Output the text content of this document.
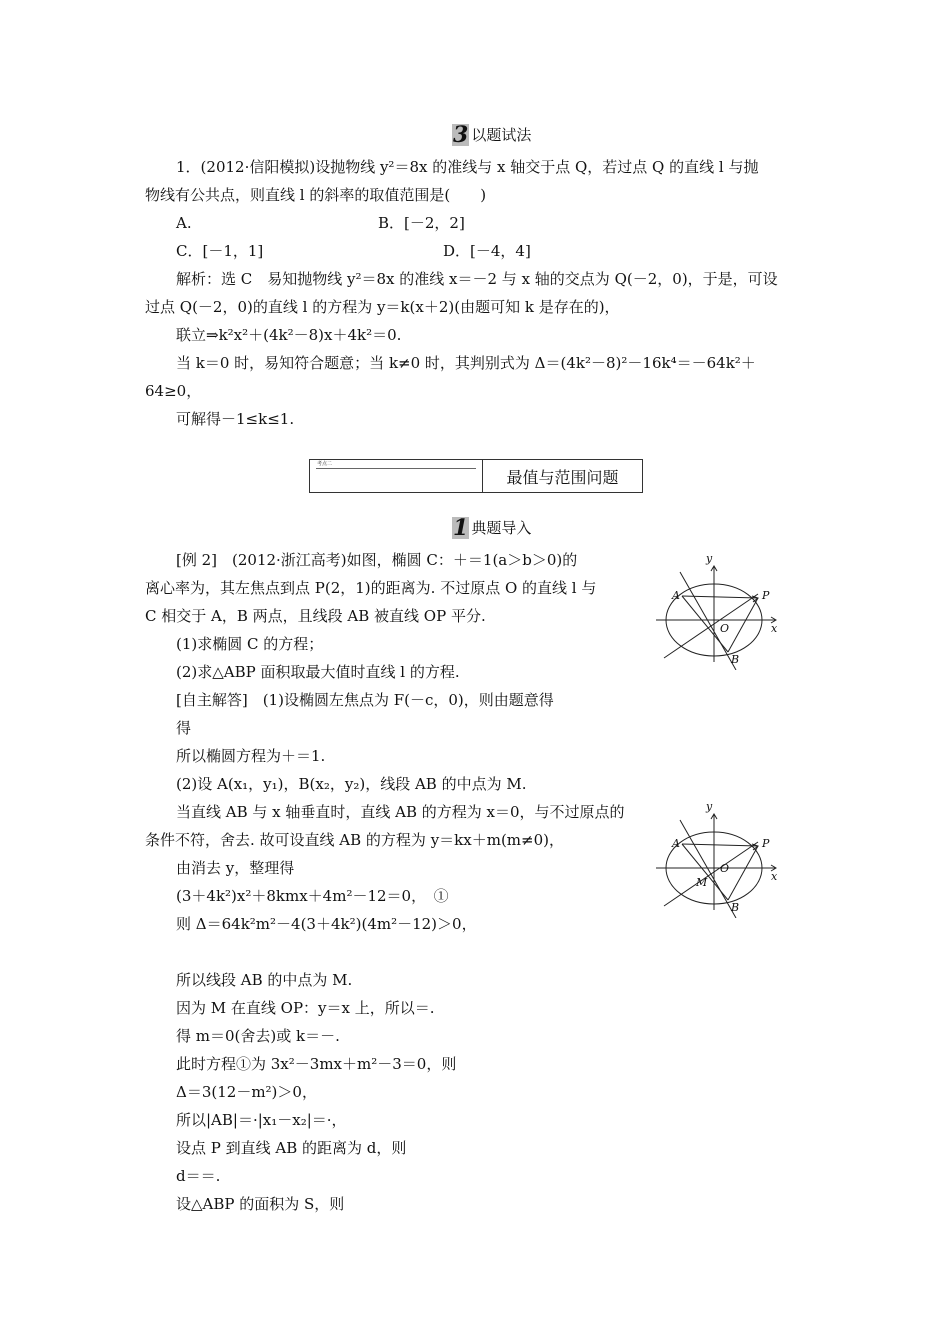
3 以题试法
1．(2012·信阳模拟)设抛物线 y²＝8x 的准线与 x 轴交于点 Q，若过点 Q 的直线 l 与抛
物线有公共点，则直线 l 的斜率的取值范围是(　　)
A.	B．[－2，2]
C．[－1，1]	D．[－4，4]
解析：选 C　易知抛物线 y²＝8x 的准线 x＝－2 与 x 轴的交点为 Q(－2，0)，于是，可设
过点 Q(－2，0)的直线 l 的方程为 y＝k(x＋2)(由题可知 k 是存在的)，
联立⇒k²x²＋(4k²－8)x＋4k²＝0.
当 k＝0 时，易知符合题意；当 k≠0 时，其判别式为 Δ＝(4k²－8)²－16k⁴＝－64k²＋
64≥0，
可解得－1≤k≤1.
考点二
最值与范围问题
1 典题导入
[例 2]　(2012·浙江高考)如图，椭圆 C：＋＝1(a＞b＞0)的
离心率为，其左焦点到点 P(2，1)的距离为. 不过原点 O 的直线 l 与
C 相交于 A，B 两点，且线段 AB 被直线 OP 平分.
(1)求椭圆 C 的方程；
(2)求△ABP 面积取最大值时直线 l 的方程.
[自主解答]　(1)设椭圆左焦点为 F(－c，0)，则由题意得
得
所以椭圆方程为＋＝1.
(2)设 A(x₁，y₁)，B(x₂，y₂)，线段 AB 的中点为 M.
当直线 AB 与 x 轴垂直时，直线 AB 的方程为 x＝0，与不过原点的
条件不符，舍去. 故可设直线 AB 的方程为 y＝kx＋m(m≠0)，
由消去 y，整理得
(3＋4k²)x²＋8kmx＋4m²－12＝0，　①
则 Δ＝64k²m²－4(3＋4k²)(4m²－12)＞0，
所以线段 AB 的中点为 M.
因为 M 在直线 OP：y＝x 上，所以＝.
得 m＝0(舍去)或 k＝－.
此时方程①为 3x²－3mx＋m²－3＝0，则
Δ＝3(12－m²)＞0，
所以|AB|＝·|x₁－x₂|＝·，
设点 P 到直线 AB 的距离为 d，则
d＝＝.
设△ABP 的面积为 S，则
y
A	P
O	x
B
y
A	P
O
x
M
B
